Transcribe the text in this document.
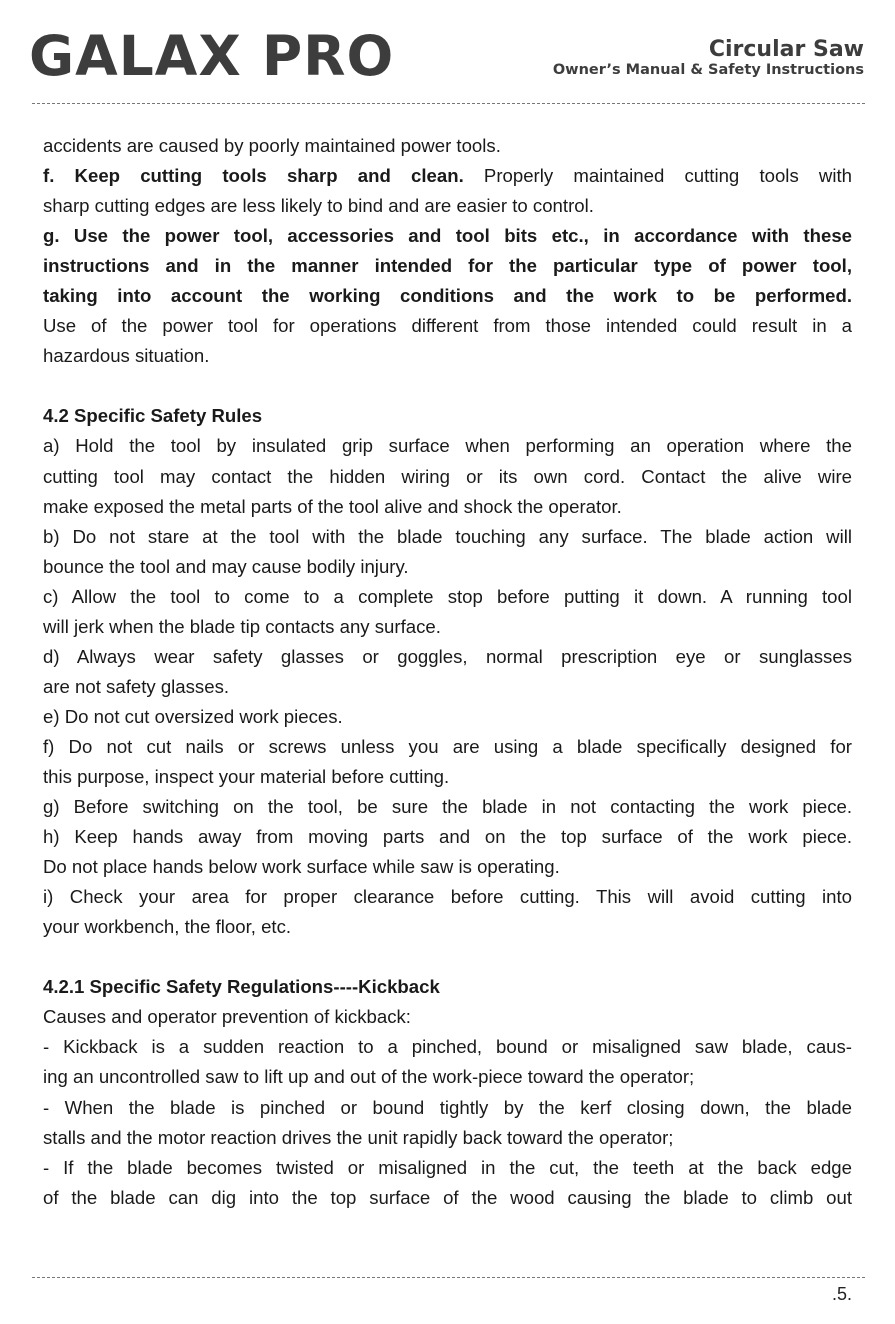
GALAX PRO	Circular Saw
Owner’s Manual & Safety Instructions
accidents are caused by poorly maintained power tools.
f. Keep cutting tools sharp and clean. Properly maintained cutting tools with
sharp cutting edges are less likely to bind and are easier to control.
g. Use the power tool, accessories and tool bits etc., in accordance with these
instructions and in the manner intended for the particular type of power tool,
taking into account the working conditions and the work to be performed.
Use of the power tool for operations different from those intended could result in a
hazardous situation.
4.2 Specific Safety Rules
a) Hold the tool by insulated grip surface when performing an operation where the
cutting tool may contact the hidden wiring or its own cord. Contact the alive wire
make exposed the metal parts of the tool alive and shock the operator.
b) Do not stare at the tool with the blade touching any surface. The blade action will
bounce the tool and may cause bodily injury.
c) Allow the tool to come to a complete stop before putting it down. A running tool
will jerk when the blade tip contacts any surface.
d) Always wear safety glasses or goggles, normal prescription eye or sunglasses
are not safety glasses.
e) Do not cut oversized work pieces.
f) Do not cut nails or screws unless you are using a blade specifically designed for
this purpose, inspect your material before cutting.
g) Before switching on the tool, be sure the blade in not contacting the work piece.
h) Keep hands away from moving parts and on the top surface of the work piece.
Do not place hands below work surface while saw is operating.
i) Check your area for proper clearance before cutting. This will avoid cutting into
your workbench, the floor, etc.
4.2.1 Specific Safety Regulations----Kickback
Causes and operator prevention of kickback:
- Kickback is a sudden reaction to a pinched, bound or misaligned saw blade, caus-
ing an uncontrolled saw to lift up and out of the work-piece toward the operator;
- When the blade is pinched or bound tightly by the kerf closing down, the blade
stalls and the motor reaction drives the unit rapidly back toward the operator;
- If the blade becomes twisted or misaligned in the cut, the teeth at the back edge
of the blade can dig into the top surface of the wood causing the blade to climb out
.5.
